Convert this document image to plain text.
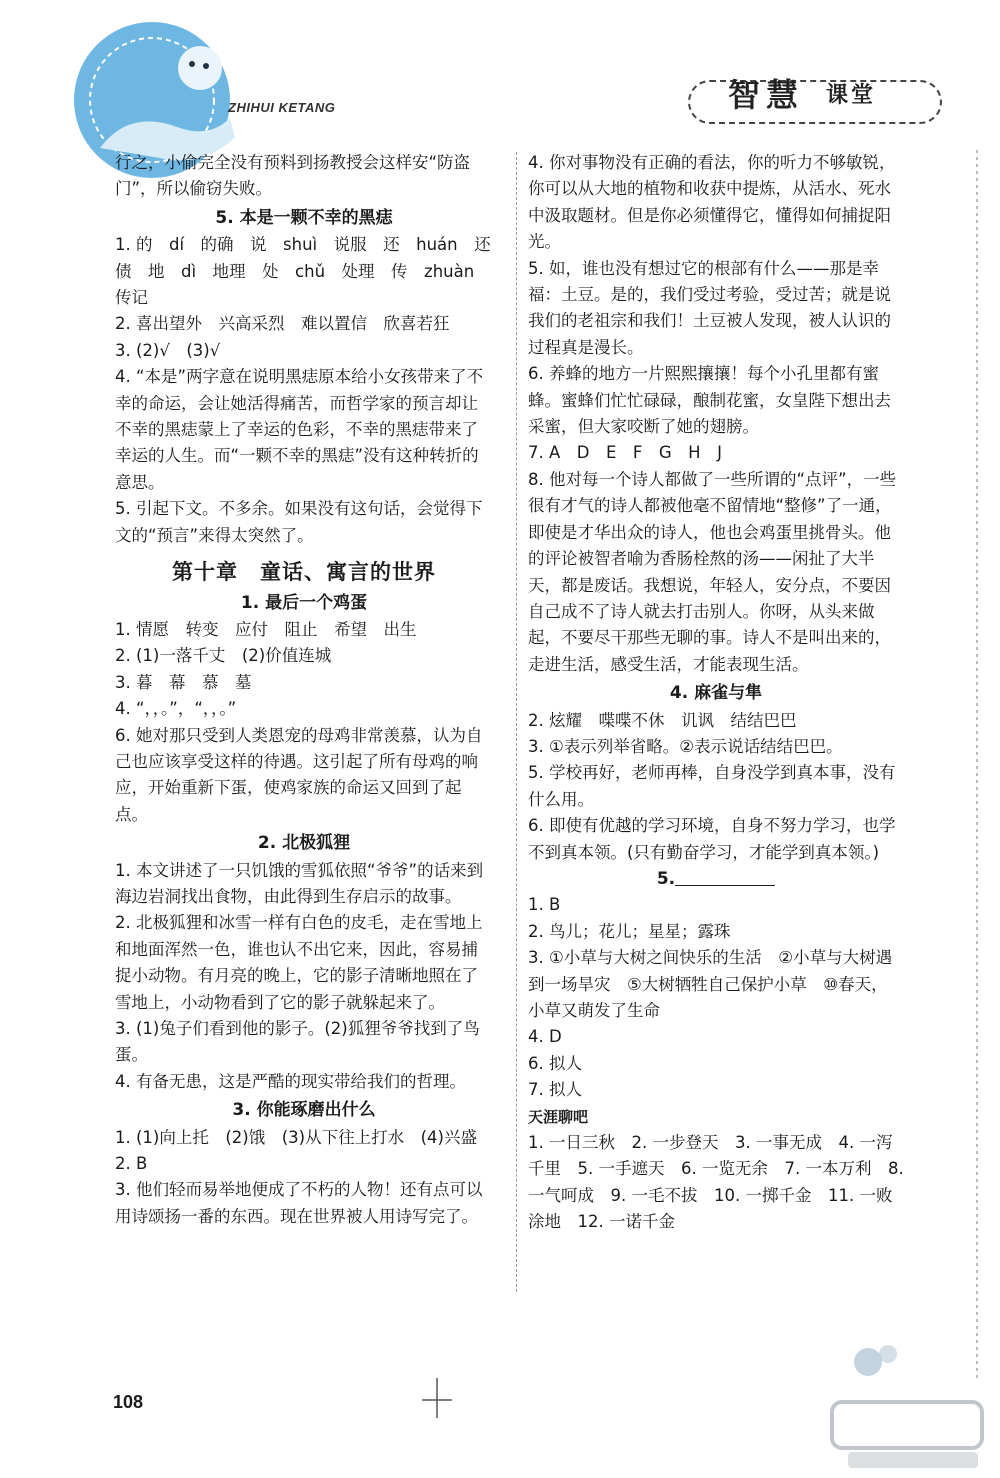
ZHIHUI KETANG	智慧 课堂
行之，小偷完全没有预料到扬教授会这样安“防盗门”，所以偷窃失败。
5. 本是一颗不幸的黑痣
1. 的　dí　的确　说　shuì　说服　还　huán　还债　地　dì　地理　处　chǔ　处理　传　zhuàn　传记
2. 喜出望外　兴高采烈　难以置信　欣喜若狂
3. (2)√　(3)√
4. “本是”两字意在说明黑痣原本给小女孩带来了不幸的命运，会让她活得痛苦，而哲学家的预言却让不幸的黑痣蒙上了幸运的色彩，不幸的黑痣带来了幸运的人生。而“一颗不幸的黑痣”没有这种转折的意思。
5. 引起下文。不多余。如果没有这句话，会觉得下文的“预言”来得太突然了。
第十章　童话、寓言的世界
1. 最后一个鸡蛋
1. 情愿　转变　应付　阻止　希望　出生
2. (1)一落千丈　(2)价值连城
3. 暮　幕　慕　墓
4. “，，。”，“，，。”
6. 她对那只受到人类恩宠的母鸡非常羡慕，认为自己也应该享受这样的待遇。这引起了所有母鸡的响应，开始重新下蛋，使鸡家族的命运又回到了起点。
2. 北极狐狸
1. 本文讲述了一只饥饿的雪狐依照“爷爷”的话来到海边岩洞找出食物，由此得到生存启示的故事。
2. 北极狐狸和冰雪一样有白色的皮毛，走在雪地上和地面浑然一色，谁也认不出它来，因此，容易捕捉小动物。有月亮的晚上，它的影子清晰地照在了雪地上，小动物看到了它的影子就躲起来了。
3. (1)兔子们看到他的影子。(2)狐狸爷爷找到了鸟蛋。
4. 有备无患，这是严酷的现实带给我们的哲理。
3. 你能琢磨出什么
1. (1)向上托　(2)饿　(3)从下往上打水　(4)兴盛
2. B
3. 他们轻而易举地便成了不朽的人物！还有点可以用诗颂扬一番的东西。现在世界被人用诗写完了。
4. 你对事物没有正确的看法，你的听力不够敏锐，你可以从大地的植物和收获中提炼，从活水、死水中汲取题材。但是你必须懂得它，懂得如何捕捉阳光。
5. 如，谁也没有想过它的根部有什么——那是幸福：土豆。是的，我们受过考验，受过苦；就是说我们的老祖宗和我们！土豆被人发现，被人认识的过程真是漫长。
6. 养蜂的地方一片熙熙攘攘！每个小孔里都有蜜蜂。蜜蜂们忙忙碌碌，酿制花蜜，女皇陛下想出去采蜜，但大家咬断了她的翅膀。
7. A　D　E　F　G　H　J
8. 他对每一个诗人都做了一些所谓的“点评”，一些很有才气的诗人都被他毫不留情地“整修”了一通，即使是才华出众的诗人，他也会鸡蛋里挑骨头。他的评论被智者喻为香肠栓熬的汤——闲扯了大半天，都是废话。我想说，年轻人，安分点，不要因自己成不了诗人就去打击别人。你呀，从头来做起，不要尽干那些无聊的事。诗人不是叫出来的，走进生活，感受生活，才能表现生活。
4. 麻雀与隼
2. 炫耀　喋喋不休　讥讽　结结巴巴
3. ①表示列举省略。②表示说话结结巴巴。
5. 学校再好，老师再棒，自身没学到真本事，没有什么用。
6. 即使有优越的学习环境，自身不努力学习，也学不到真本领。(只有勤奋学习，才能学到真本领。)
5.
1. B
2. 鸟儿；花儿；星星；露珠
3. ①小草与大树之间快乐的生活　②小草与大树遇到一场旱灾　⑤大树牺牲自己保护小草　⑩春天，小草又萌发了生命
4. D
6. 拟人
7. 拟人
天涯聊吧
1. 一日三秋　2. 一步登天　3. 一事无成　4. 一泻千里　5. 一手遮天　6. 一览无余　7. 一本万利　8. 一气呵成　9. 一毛不拔　10. 一掷千金　11. 一败涂地　12. 一诺千金
108
